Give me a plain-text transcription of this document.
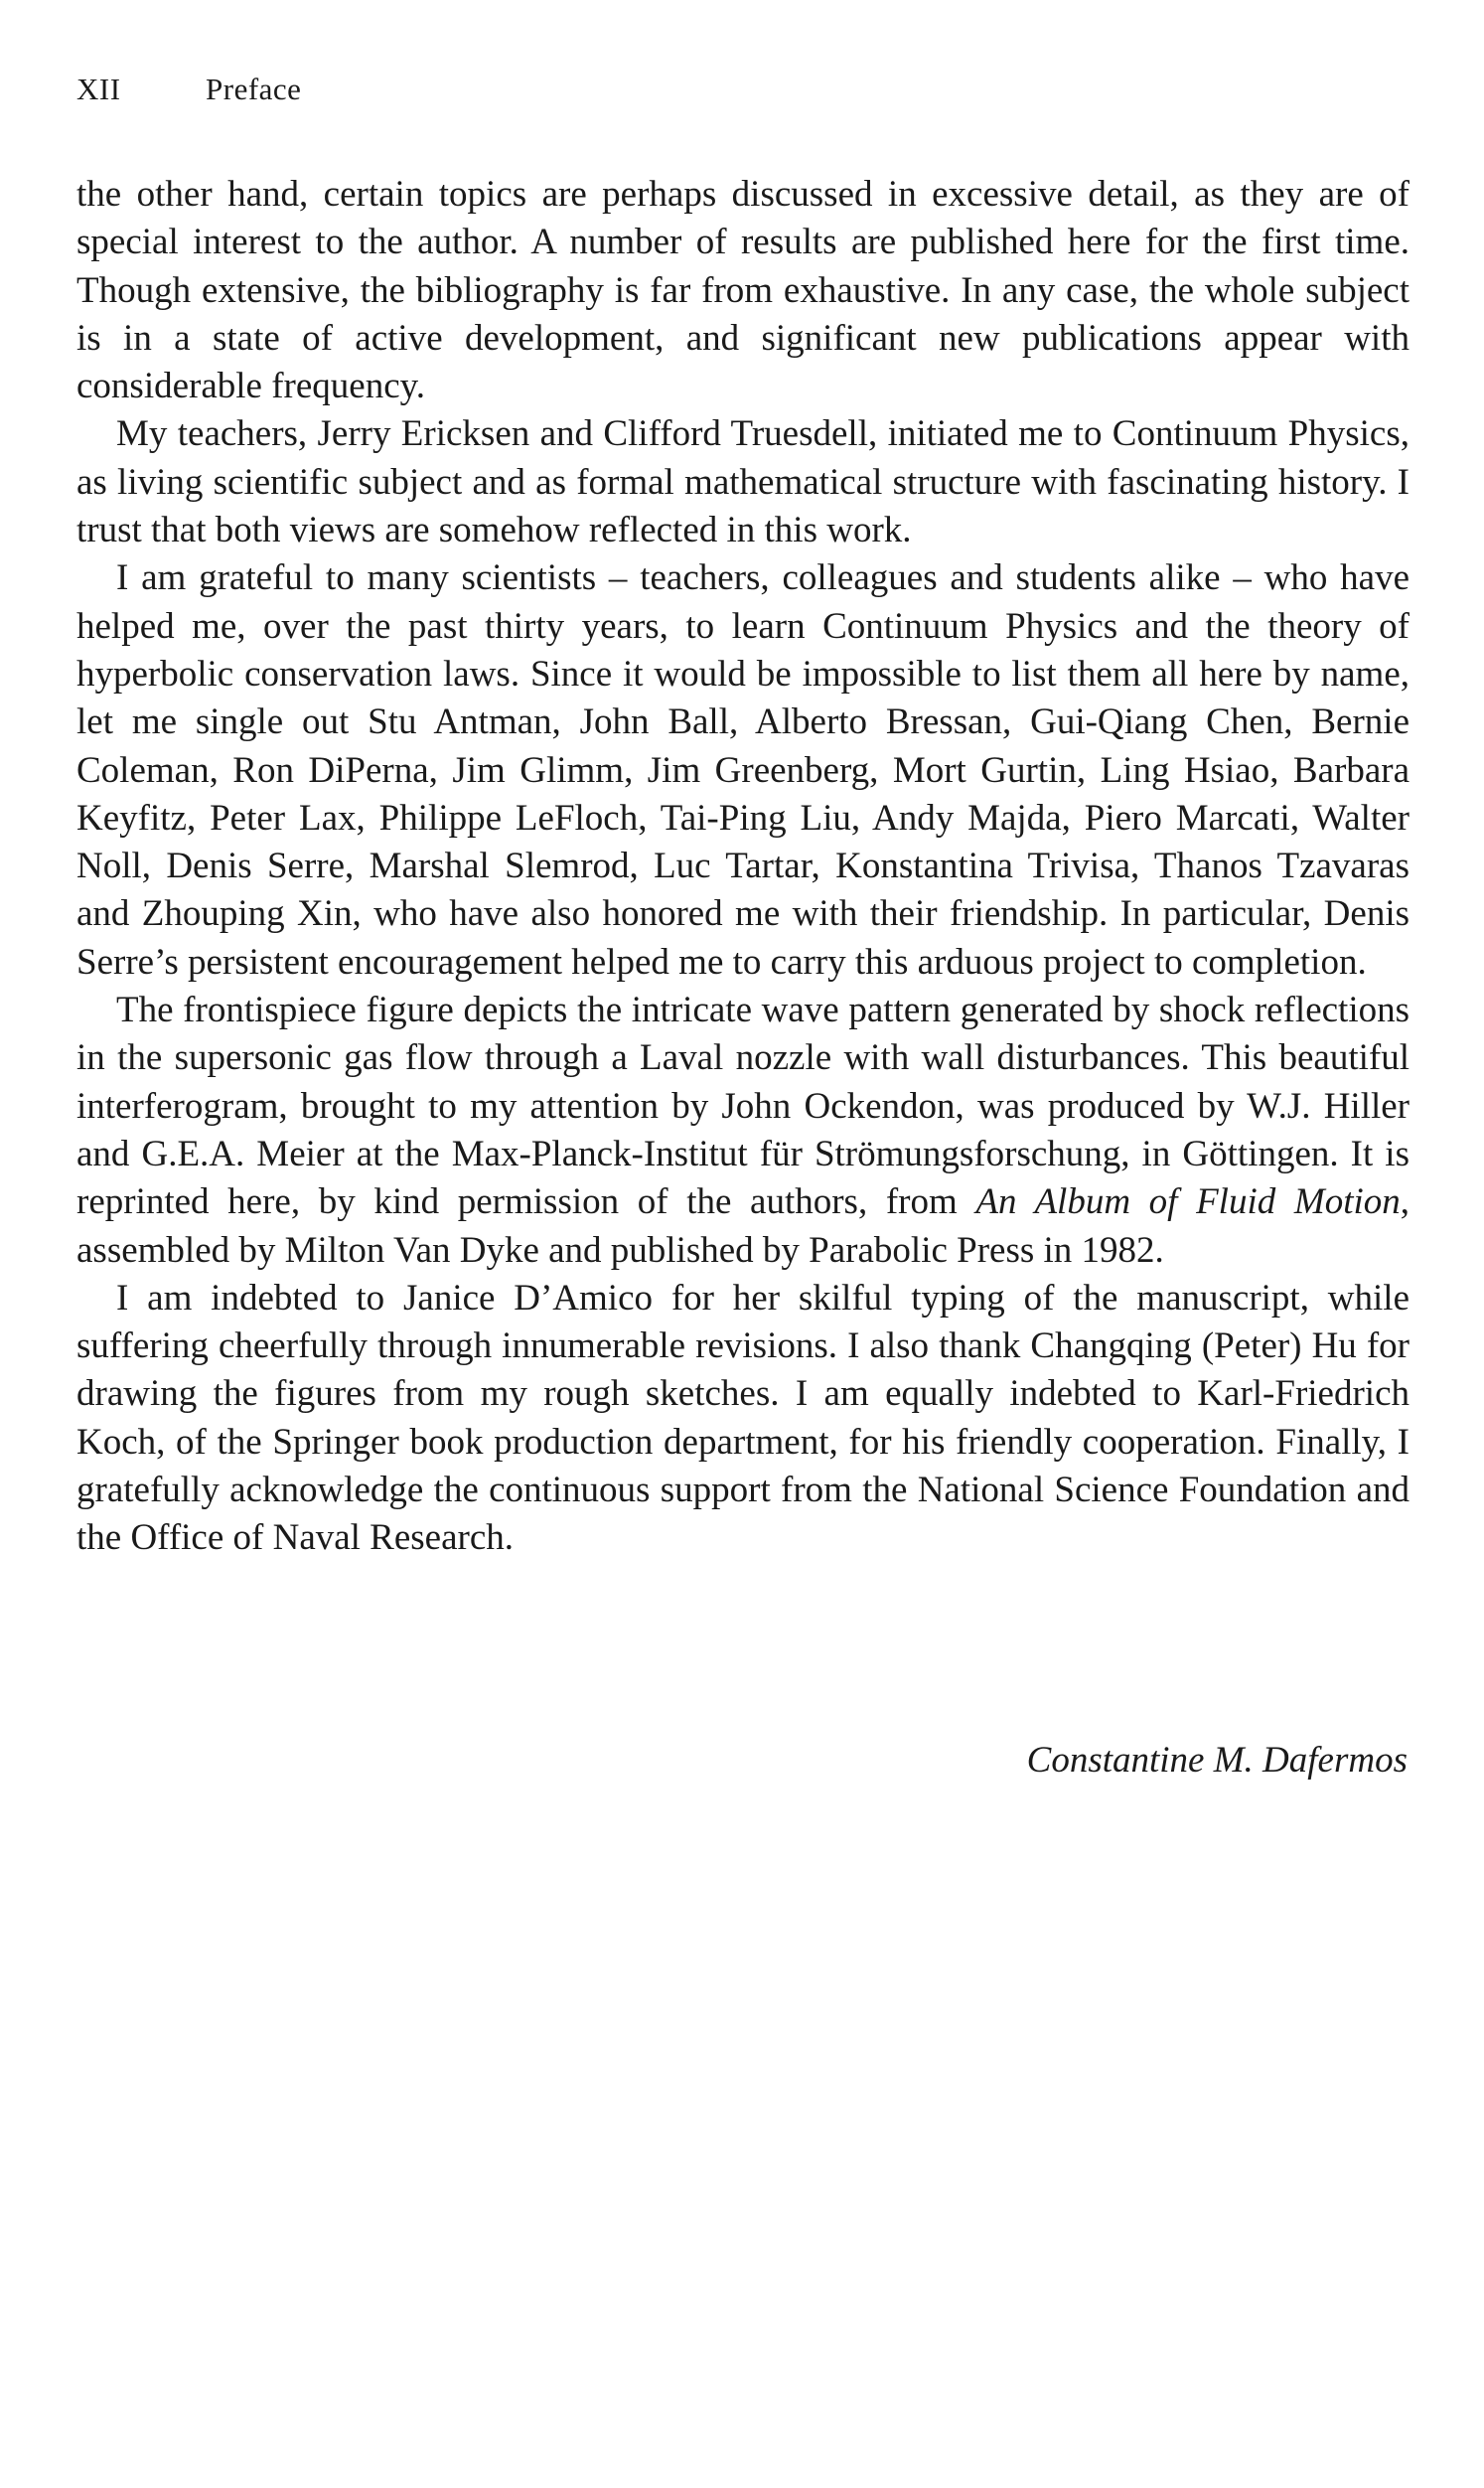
XII	Preface

the other hand, certain topics are perhaps discussed in excessive detail, as they are of special interest to the author. A number of results are published here for the first time. Though extensive, the bibliography is far from exhaustive. In any case, the whole subject is in a state of active development, and significant new publications appear with considerable frequency.

My teachers, Jerry Ericksen and Clifford Truesdell, initiated me to Continuum Physics, as living scientific subject and as formal mathematical structure with fascinating history. I trust that both views are somehow reflected in this work.

I am grateful to many scientists – teachers, colleagues and students alike – who have helped me, over the past thirty years, to learn Continuum Physics and the theory of hyperbolic conservation laws. Since it would be impossible to list them all here by name, let me single out Stu Antman, John Ball, Alberto Bressan, Gui-Qiang Chen, Bernie Coleman, Ron DiPerna, Jim Glimm, Jim Greenberg, Mort Gurtin, Ling Hsiao, Barbara Keyfitz, Peter Lax, Philippe LeFloch, Tai-Ping Liu, Andy Majda, Piero Marcati, Walter Noll, Denis Serre, Marshal Slemrod, Luc Tartar, Konstantina Trivisa, Thanos Tzavaras and Zhouping Xin, who have also honored me with their friendship. In particular, Denis Serre’s persistent encouragement helped me to carry this arduous project to completion.

The frontispiece figure depicts the intricate wave pattern generated by shock reflections in the supersonic gas flow through a Laval nozzle with wall disturbances. This beautiful interferogram, brought to my attention by John Ockendon, was produced by W.J. Hiller and G.E.A. Meier at the Max-Planck-Institut für Strömungsforschung, in Göttingen. It is reprinted here, by kind permission of the authors, from An Album of Fluid Motion, assembled by Milton Van Dyke and published by Parabolic Press in 1982.

I am indebted to Janice D’Amico for her skilful typing of the manuscript, while suffering cheerfully through innumerable revisions. I also thank Changqing (Peter) Hu for drawing the figures from my rough sketches. I am equally indebted to Karl-Friedrich Koch, of the Springer book production department, for his friendly cooperation. Finally, I gratefully acknowledge the continuous support from the National Science Foundation and the Office of Naval Research.

Constantine M. Dafermos
